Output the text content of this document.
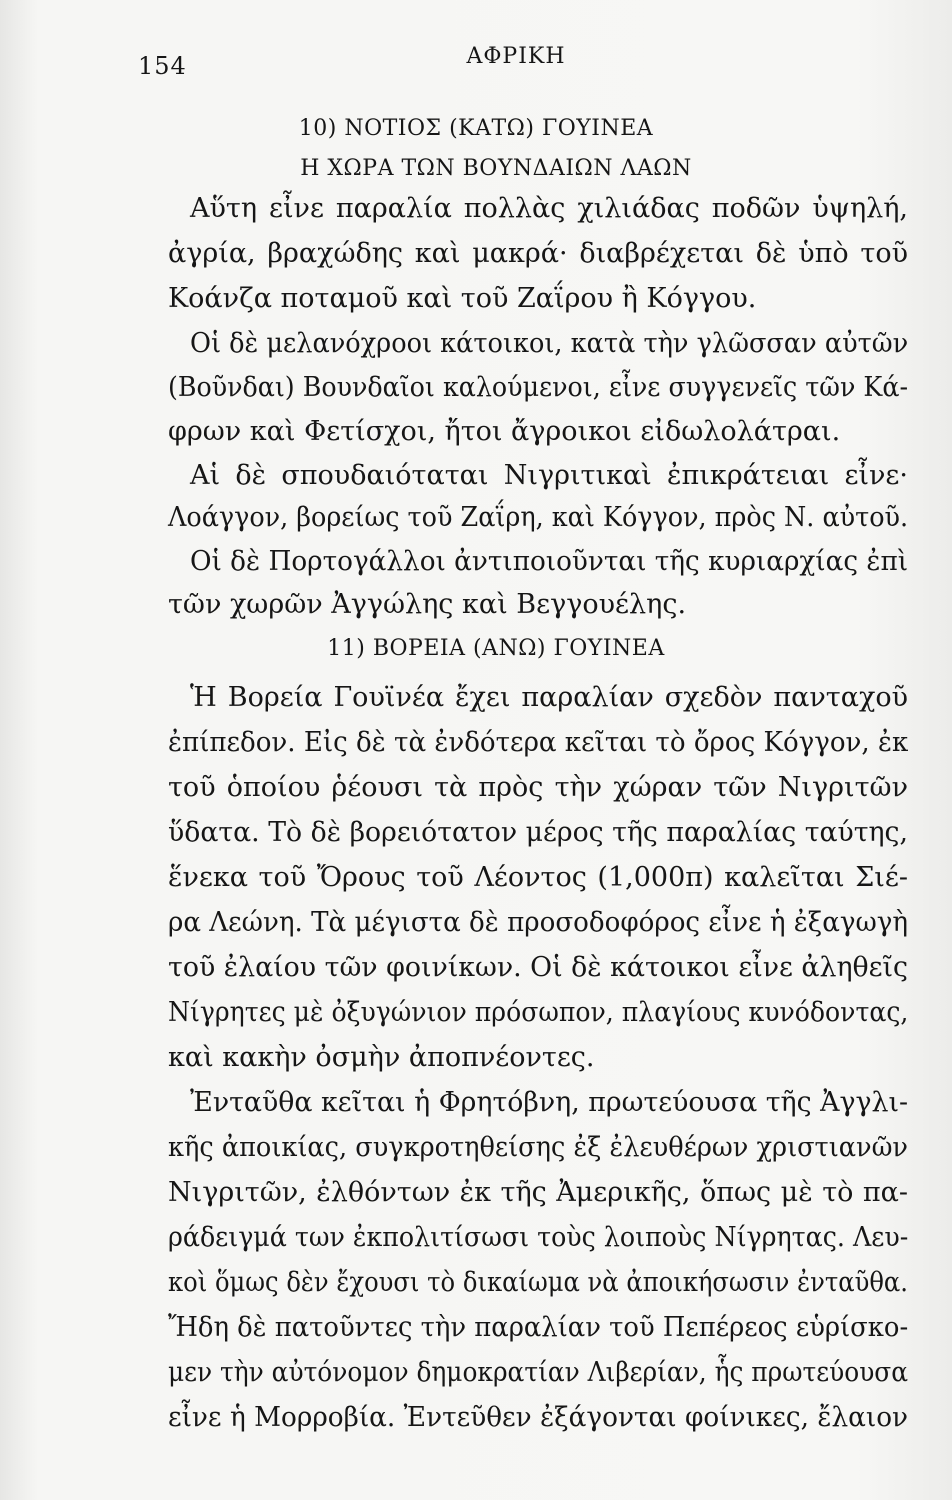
154	ΑΦΡΙΚΗ
10) ΝΟΤΙΟΣ (ΚΑΤΩ) ΓΟΥΙΝΕΑ
Η ΧΩΡΑ ΤΩΝ ΒΟΥΝΔΑΙΩΝ ΛΑΩΝ
Αὕτη εἶνε παραλία πολλὰς χιλιάδας ποδῶν ὑψηλή,
ἀγρία, βραχώδης καὶ μακρά· διαβρέχεται δὲ ὑπὸ τοῦ
Κοάνζα ποταμοῦ καὶ τοῦ Ζαΐρου ἢ Κόγγου.
Οἱ δὲ μελανόχροοι κάτοικοι, κατὰ τὴν γλῶσσαν αὐτῶν
(Βοῦνδαι) Βουνδαῖοι καλούμενοι, εἶνε συγγενεῖς τῶν Κά-
φρων καὶ Φετίσχοι, ἤτοι ἄγροικοι εἰδωλολάτραι.
Αἱ δὲ σπουδαιόταται Νιγριτικαὶ ἐπικράτειαι εἶνε·
Λοάγγον, βορείως τοῦ Ζαΐρη, καὶ Κόγγον, πρὸς Ν. αὐτοῦ.
Οἱ δὲ Πορτογάλλοι ἀντιποιοῦνται τῆς κυριαρχίας ἐπὶ
τῶν χωρῶν Ἀγγώλης καὶ Βεγγουέλης.
11) ΒΟΡΕΙΑ (ΑΝΩ) ΓΟΥΙΝΕΑ
Ἡ Βορεία Γουϊνέα ἔχει παραλίαν σχεδὸν πανταχοῦ
ἐπίπεδον. Εἰς δὲ τὰ ἐνδότερα κεῖται τὸ ὄρος Κόγγον, ἐκ
τοῦ ὁποίου ῥέουσι τὰ πρὸς τὴν χώραν τῶν Νιγριτῶν
ὕδατα. Τὸ δὲ βορειότατον μέρος τῆς παραλίας ταύτης,
ἕνεκα τοῦ Ὄρους τοῦ Λέοντος (1,000π) καλεῖται Σιέ-
ρα Λεώνη. Τὰ μέγιστα δὲ προσοδοφόρος εἶνε ἡ ἐξαγωγὴ
τοῦ ἐλαίου τῶν φοινίκων. Οἱ δὲ κάτοικοι εἶνε ἀληθεῖς
Νίγρητες μὲ ὀξυγώνιον πρόσωπον, πλαγίους κυνόδοντας,
καὶ κακὴν ὀσμὴν ἀποπνέοντες.
Ἐνταῦθα κεῖται ἡ Φρητόβνη, πρωτεύουσα τῆς Ἀγγλι-
κῆς ἀποικίας, συγκροτηθείσης ἐξ ἐλευθέρων χριστιανῶν
Νιγριτῶν, ἐλθόντων ἐκ τῆς Ἀμερικῆς, ὅπως μὲ τὸ πα-
ράδειγμά των ἐκπολιτίσωσι τοὺς λοιποὺς Νίγρητας. Λευ-
κοὶ ὅμως δὲν ἔχουσι τὸ δικαίωμα νὰ ἀποικήσωσιν ἐνταῦθα.
Ἤδη δὲ πατοῦντες τὴν παραλίαν τοῦ Πεπέρεος εὑρίσκο-
μεν τὴν αὐτόνομον δημοκρατίαν Λιβερίαν, ἧς πρωτεύουσα
εἶνε ἡ Μορροβία. Ἐντεῦθεν ἐξάγονται φοίνικες, ἔλαιον
